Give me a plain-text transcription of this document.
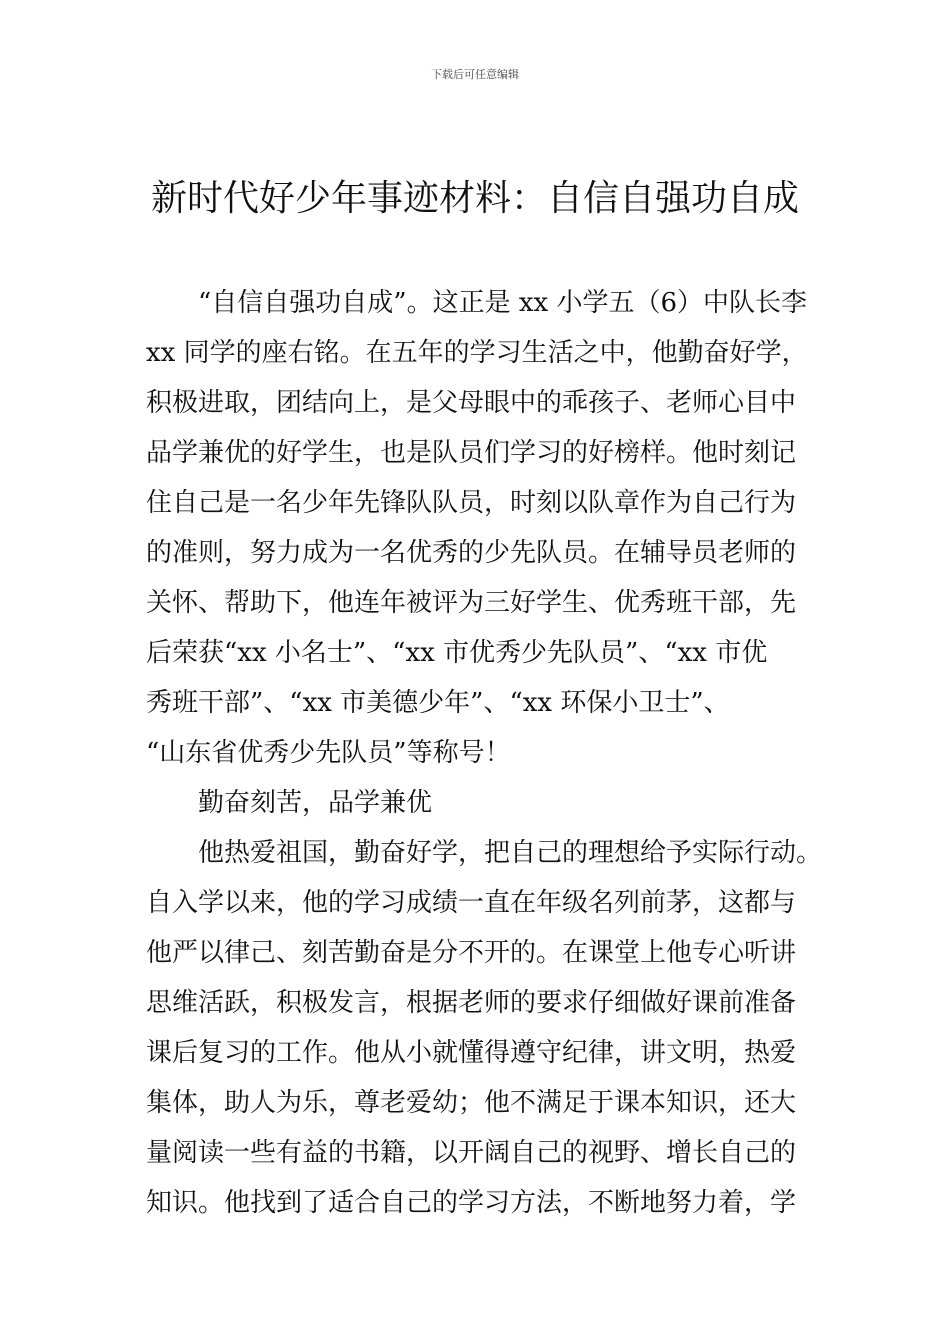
下载后可任意编辑
新时代好少年事迹材料：自信自强功自成
“自信自强功自成”。这正是 xx 小学五（6）中队长李
xx 同学的座右铭。在五年的学习生活之中，他勤奋好学，
积极进取，团结向上，是父母眼中的乖孩子、老师心目中
品学兼优的好学生，也是队员们学习的好榜样。他时刻记
住自己是一名少年先锋队队员，时刻以队章作为自己行为
的准则，努力成为一名优秀的少先队员。在辅导员老师的
关怀、帮助下，他连年被评为三好学生、优秀班干部，先
后荣获“xx 小名士”、“xx 市优秀少先队员”、“xx 市优
秀班干部”、“xx 市美德少年”、“xx 环保小卫士”、
“山东省优秀少先队员”等称号！
勤奋刻苦，品学兼优
他热爱祖国，勤奋好学，把自己的理想给予实际行动。
自入学以来，他的学习成绩一直在年级名列前茅，这都与
他严以律己、刻苦勤奋是分不开的。在课堂上他专心听讲
思维活跃，积极发言，根据老师的要求仔细做好课前准备
课后复习的工作。他从小就懂得遵守纪律，讲文明，热爱
集体，助人为乐，尊老爱幼；他不满足于课本知识，还大
量阅读一些有益的书籍，以开阔自己的视野、增长自己的
知识。他找到了适合自己的学习方法，不断地努力着，学
